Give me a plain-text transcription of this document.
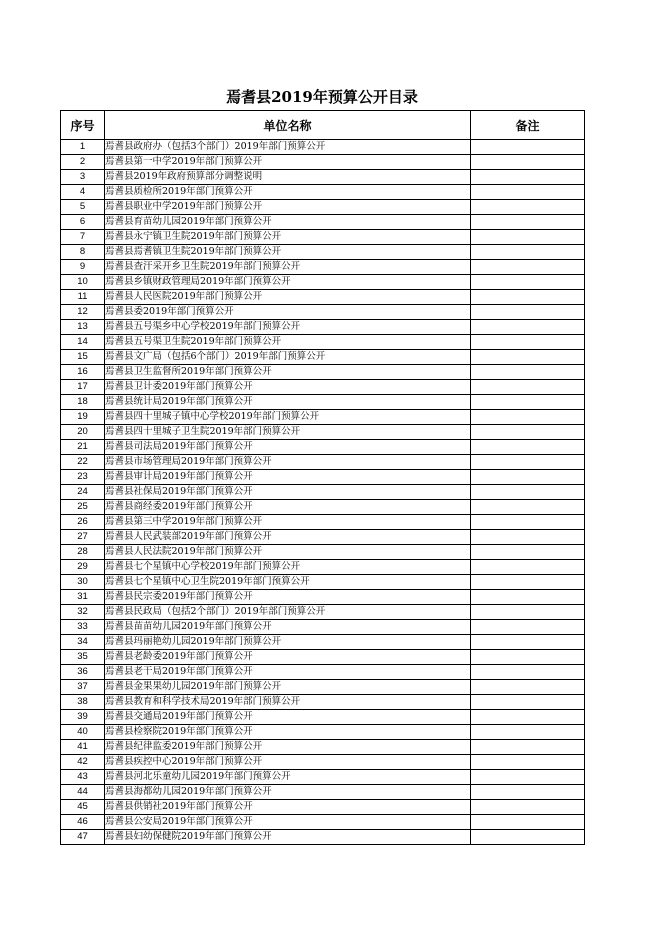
焉耆县2019年预算公开目录
序号	单位名称	备注
1	焉耆县政府办（包括3个部门）2019年部门预算公开	
2	焉耆县第一中学2019年部门预算公开	
3	焉耆县2019年政府预算部分调整说明	
4	焉耆县质检所2019年部门预算公开	
5	焉耆县职业中学2019年部门预算公开	
6	焉耆县育苗幼儿园2019年部门预算公开	
7	焉耆县永宁镇卫生院2019年部门预算公开	
8	焉耆县焉耆镇卫生院2019年部门预算公开	
9	焉耆县查汗采开乡卫生院2019年部门预算公开	
10	焉耆县乡镇财政管理局2019年部门预算公开	
11	焉耆县人民医院2019年部门预算公开	
12	焉耆县委2019年部门预算公开	
13	焉耆县五号渠乡中心学校2019年部门预算公开	
14	焉耆县五号渠卫生院2019年部门预算公开	
15	焉耆县文广局（包括6个部门）2019年部门预算公开	
16	焉耆县卫生监督所2019年部门预算公开	
17	焉耆县卫计委2019年部门预算公开	
18	焉耆县统计局2019年部门预算公开	
19	焉耆县四十里城子镇中心学校2019年部门预算公开	
20	焉耆县四十里城子卫生院2019年部门预算公开	
21	焉耆县司法局2019年部门预算公开	
22	焉耆县市场管理局2019年部门预算公开	
23	焉耆县审计局2019年部门预算公开	
24	焉耆县社保局2019年部门预算公开	
25	焉耆县商经委2019年部门预算公开	
26	焉耆县第三中学2019年部门预算公开	
27	焉耆县人民武装部2019年部门预算公开	
28	焉耆县人民法院2019年部门预算公开	
29	焉耆县七个星镇中心学校2019年部门预算公开	
30	焉耆县七个星镇中心卫生院2019年部门预算公开	
31	焉耆县民宗委2019年部门预算公开	
32	焉耆县民政局（包括2个部门）2019年部门预算公开	
33	焉耆县苗苗幼儿园2019年部门预算公开	
34	焉耆县玛丽艳幼儿园2019年部门预算公开	
35	焉耆县老龄委2019年部门预算公开	
36	焉耆县老干局2019年部门预算公开	
37	焉耆县金果果幼儿园2019年部门预算公开	
38	焉耆县教育和科学技术局2019年部门预算公开	
39	焉耆县交通局2019年部门预算公开	
40	焉耆县检察院2019年部门预算公开	
41	焉耆县纪律监委2019年部门预算公开	
42	焉耆县疾控中心2019年部门预算公开	
43	焉耆县河北乐童幼儿园2019年部门预算公开	
44	焉耆县海都幼儿园2019年部门预算公开	
45	焉耆县供销社2019年部门预算公开	
46	焉耆县公安局2019年部门预算公开	
47	焉耆县妇幼保健院2019年部门预算公开	
